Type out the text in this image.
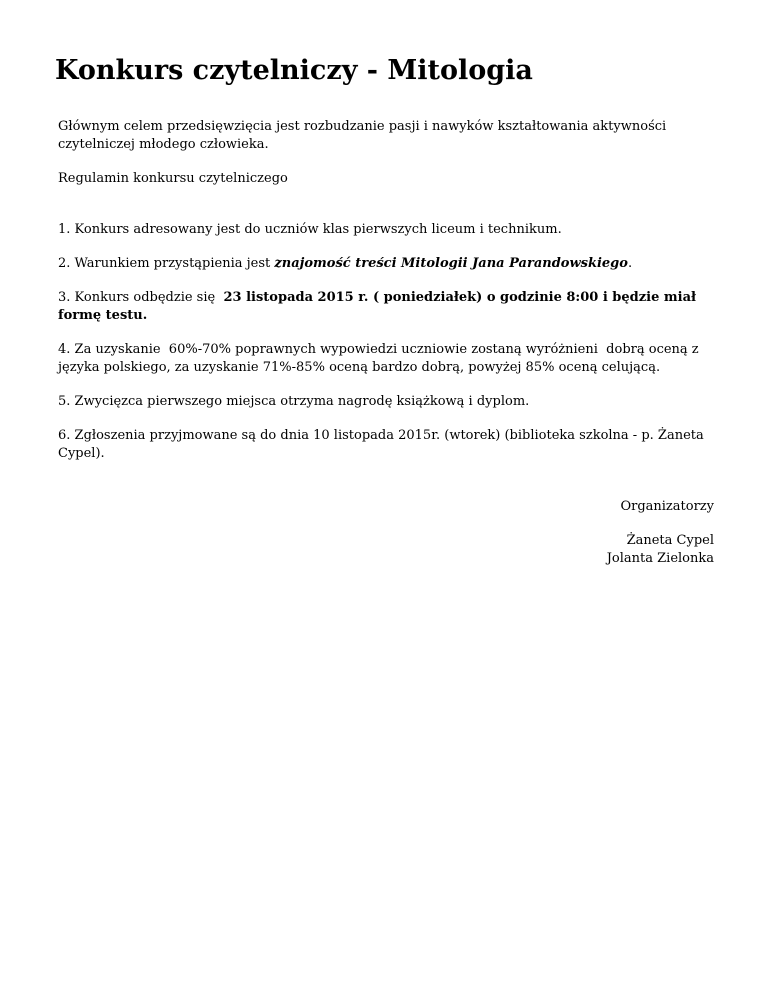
Konkurs czytelniczy - Mitologia

Głównym celem przedsięwzięcia jest rozbudzanie pasji i nawyków kształtowania aktywności czytelniczej młodego człowieka.

Regulamin konkursu czytelniczego

1. Konkurs adresowany jest do uczniów klas pierwszych liceum i technikum.

2. Warunkiem przystąpienia jest znajomość treści Mitologii Jana Parandowskiego.

3. Konkurs odbędzie się  23 listopada 2015 r. ( poniedziałek) o godzinie 8:00 i będzie miał formę testu.

4. Za uzyskanie  60%-70% poprawnych wypowiedzi uczniowie zostaną wyróżnieni  dobrą oceną z języka polskiego, za uzyskanie 71%-85% oceną bardzo dobrą, powyżej 85% oceną celującą.

5. Zwycięzca pierwszego miejsca otrzyma nagrodę książkową i dyplom.

6. Zgłoszenia przyjmowane są do dnia 10 listopada 2015r. (wtorek) (biblioteka szkolna - p. Żaneta Cypel).

Organizatorzy

Żaneta Cypel
Jolanta Zielonka
